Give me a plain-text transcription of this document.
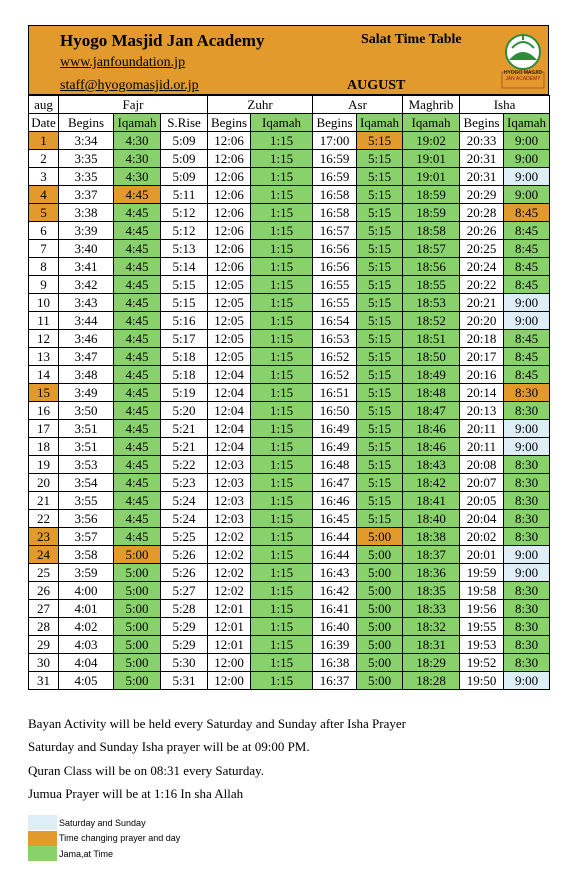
Hyogo Masjid Jan Academy
www.janfoundation.jp
staff@hyogomasjid.or.jp
Salat Time Table
AUGUST
HYOGO MASJID
JAN ACADEMY
aug	Fajr			Zuhr		Asr		Maghrib	Isha	
Date	Begins	Iqamah	S.Rise	Begins	Iqamah	Begins	Iqamah	Iqamah	Begins	Iqamah
1	3:34	4:30	5:09	12:06	1:15	17:00	5:15	19:02	20:33	9:00
2	3:35	4:30	5:09	12:06	1:15	16:59	5:15	19:01	20:31	9:00
3	3:35	4:30	5:09	12:06	1:15	16:59	5:15	19:01	20:31	9:00
4	3:37	4:45	5:11	12:06	1:15	16:58	5:15	18:59	20:29	9:00
5	3:38	4:45	5:12	12:06	1:15	16:58	5:15	18:59	20:28	8:45
6	3:39	4:45	5:12	12:06	1:15	16:57	5:15	18:58	20:26	8:45
7	3:40	4:45	5:13	12:06	1:15	16:56	5:15	18:57	20:25	8:45
8	3:41	4:45	5:14	12:06	1:15	16:56	5:15	18:56	20:24	8:45
9	3:42	4:45	5:15	12:05	1:15	16:55	5:15	18:55	20:22	8:45
10	3:43	4:45	5:15	12:05	1:15	16:55	5:15	18:53	20:21	9:00
11	3:44	4:45	5:16	12:05	1:15	16:54	5:15	18:52	20:20	9:00
12	3:46	4:45	5:17	12:05	1:15	16:53	5:15	18:51	20:18	8:45
13	3:47	4:45	5:18	12:05	1:15	16:52	5:15	18:50	20:17	8:45
14	3:48	4:45	5:18	12:04	1:15	16:52	5:15	18:49	20:16	8:45
15	3:49	4:45	5:19	12:04	1:15	16:51	5:15	18:48	20:14	8:30
16	3:50	4:45	5:20	12:04	1:15	16:50	5:15	18:47	20:13	8:30
17	3:51	4:45	5:21	12:04	1:15	16:49	5:15	18:46	20:11	9:00
18	3:51	4:45	5:21	12:04	1:15	16:49	5:15	18:46	20:11	9:00
19	3:53	4:45	5:22	12:03	1:15	16:48	5:15	18:43	20:08	8:30
20	3:54	4:45	5:23	12:03	1:15	16:47	5:15	18:42	20:07	8:30
21	3:55	4:45	5:24	12:03	1:15	16:46	5:15	18:41	20:05	8:30
22	3:56	4:45	5:24	12:03	1:15	16:45	5:15	18:40	20:04	8:30
23	3:57	4:45	5:25	12:02	1:15	16:44	5:00	18:38	20:02	8:30
24	3:58	5:00	5:26	12:02	1:15	16:44	5:00	18:37	20:01	9:00
25	3:59	5:00	5:26	12:02	1:15	16:43	5:00	18:36	19:59	9:00
26	4:00	5:00	5:27	12:02	1:15	16:42	5:00	18:35	19:58	8:30
27	4:01	5:00	5:28	12:01	1:15	16:41	5:00	18:33	19:56	8:30
28	4:02	5:00	5:29	12:01	1:15	16:40	5:00	18:32	19:55	8:30
29	4:03	5:00	5:29	12:01	1:15	16:39	5:00	18:31	19:53	8:30
30	4:04	5:00	5:30	12:00	1:15	16:38	5:00	18:29	19:52	8:30
31	4:05	5:00	5:31	12:00	1:15	16:37	5:00	18:28	19:50	9:00
Bayan Activity will be held every Saturday and Sunday after Isha Prayer
Saturday and Sunday Isha prayer will be at 09:00 PM.
Quran Class will be on 08:31 every Saturday.
Jumua Prayer will be at 1:16 In sha Allah
Saturday and Sunday
Time changing prayer and day
Jama,at Time
